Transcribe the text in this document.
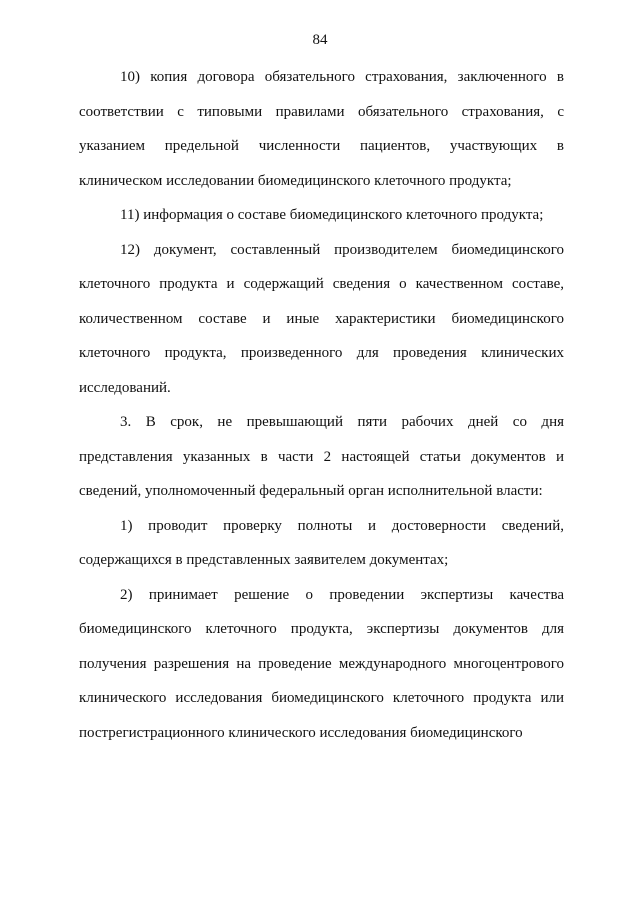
84

10) копия договора обязательного страхования, заключенного в соответствии с типовыми правилами обязательного страхования, с указанием предельной численности пациентов, участвующих в клиническом исследовании биомедицинского клеточного продукта;

11) информация о составе биомедицинского клеточного продукта;

12) документ, составленный производителем биомедицинского клеточного продукта и содержащий сведения о качественном составе, количественном составе и иные характеристики биомедицинского клеточного продукта, произведенного для проведения клинических исследований.

3. В срок, не превышающий пяти рабочих дней со дня представления указанных в части 2 настоящей статьи документов и сведений, уполномоченный федеральный орган исполнительной власти:

1) проводит проверку полноты и достоверности сведений, содержащихся в представленных заявителем документах;

2) принимает решение о проведении экспертизы качества биомедицинского клеточного продукта, экспертизы документов для получения разрешения на проведение международного многоцентрового клинического исследования биомедицинского клеточного продукта или пострегистрационного клинического исследования биомедицинского
